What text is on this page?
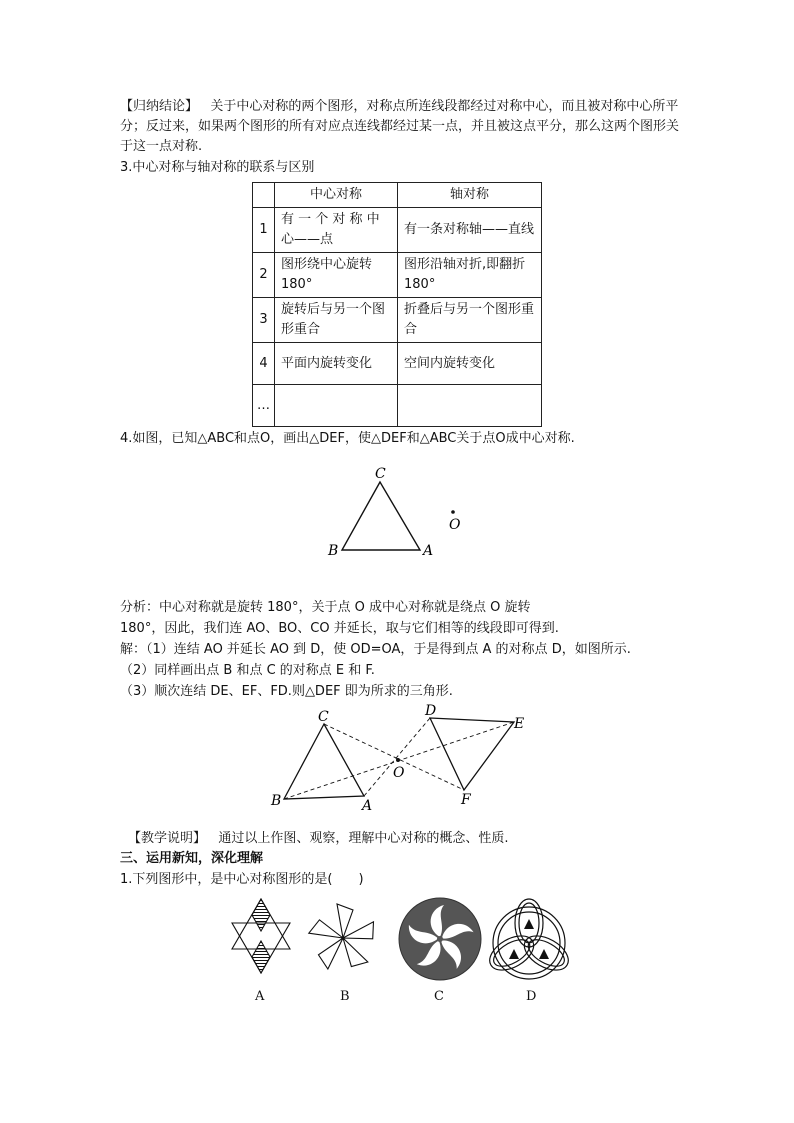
【归纳结论】 关于中心对称的两个图形，对称点所连线段都经过对称中心，而且被对称中心所平分；反过来，如果两个图形的所有对应点连线都经过某一点，并且被这点平分，那么这两个图形关于这一点对称.
3.中心对称与轴对称的联系与区别
	中心对称	轴对称
1	有 一 个 对 称 中心——点	有一条对称轴——直线
2	图形绕中心旋转180°	图形沿轴对折,即翻折 180°
3	旋转后与另一个图形重合	折叠后与另一个图形重合
4	平面内旋转变化	空间内旋转变化
…		
4.如图，已知△ABC和点O，画出△DEF，使△DEF和△ABC关于点O成中心对称.
C
B	A
O
分析：中心对称就是旋转 180°，关于点 O 成中心对称就是绕点 O 旋转
180°，因此，我们连 AO、BO、CO 并延长，取与它们相等的线段即可得到.
解：（1）连结 AO 并延长 AO 到 D，使 OD=OA，于是得到点 A 的对称点 D，如图所示.
（2）同样画出点 B 和点 C 的对称点 E 和 F.
（3）顺次连结 DE、EF、FD.则△DEF 即为所求的三角形.
C
B	A
D
E
F
O
【教学说明】 通过以上作图、观察，理解中心对称的概念、性质.
三、运用新知，深化理解
1.下列图形中，是中心对称图形的是(　　)
A	B	C	D
